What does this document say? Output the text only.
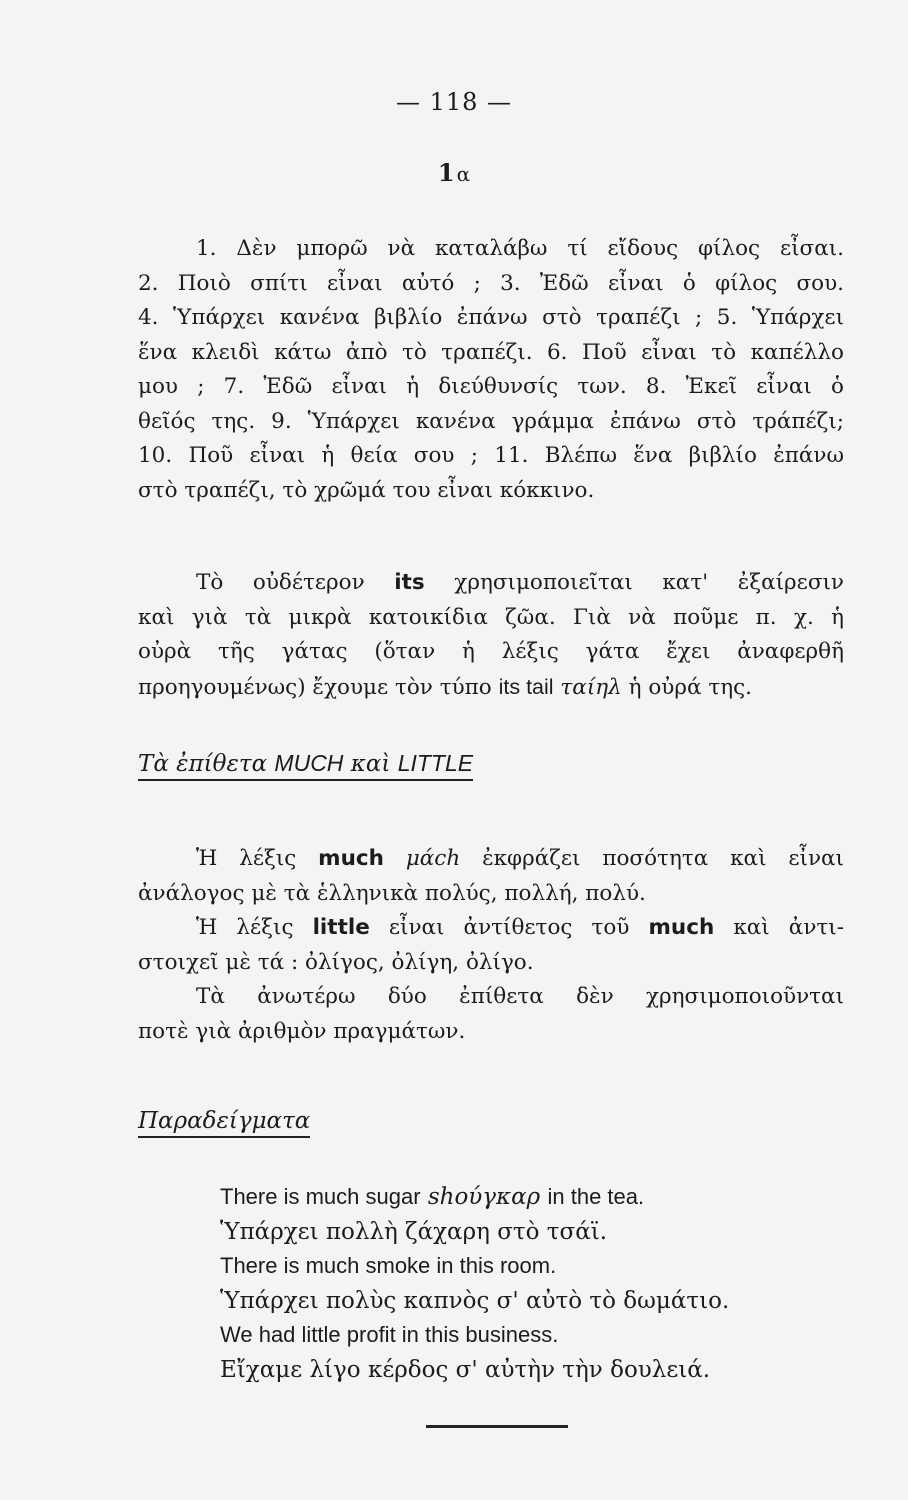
— 118 —
1 α
1. Δὲν μπορῶ νὰ καταλάβω τί εἴδους φίλος εἶσαι.
2. Ποιὸ σπίτι εἶναι αὐτό ; 3. Ἐδῶ εἶναι ὁ φίλος σου.
4. Ὑπάρχει κανένα βιβλίο ἐπάνω στὸ τραπέζι ; 5. Ὑπάρχει
ἕνα κλειδὶ κάτω ἀπὸ τὸ τραπέζι. 6. Ποῦ εἶναι τὸ καπέλλο
μου ; 7. Ἐδῶ εἶναι ἡ διεύθυνσίς των. 8. Ἐκεῖ εἶναι ὁ
θεῖός της. 9. Ὑπάρχει κανένα γράμμα ἐπάνω στὸ τράπέζι;
10. Ποῦ εἶναι ἡ θεία σου ; 11. Βλέπω ἕνα βιβλίο ἐπάνω
στὸ τραπέζι, τὸ χρῶμά του εἶναι κόκκινο.
Τὸ οὐδέτερον its χρησιμοποιεῖται κατ' ἐξαίρεσιν
καὶ γιὰ τὰ μικρὰ κατοικίδια ζῶα. Γιὰ νὰ ποῦμε π. χ. ἡ
οὐρὰ τῆς γάτας (ὅταν ἡ λέξις γάτα ἔχει ἀναφερθῆ
προηγουμένως) ἔχουμε τὸν τύπο its tail ταίηλ ἡ οὐρά της.
Τὰ ἐπίθετα MUCH καὶ LITTLE
Ἡ λέξις much μάch ἐκφράζει ποσότητα καὶ εἶναι
ἀνάλογος μὲ τὰ ἑλληνικὰ πολύς, πολλή, πολύ.
Ἡ λέξις little εἶναι ἀντίθετος τοῦ much καὶ ἀντι-
στοιχεῖ μὲ τά : ὀλίγος, ὀλίγη, ὀλίγο.
Τὰ ἀνωτέρω δύο ἐπίθετα δὲν χρησιμοποιοῦνται
ποτὲ γιὰ ἀριθμὸν πραγμάτων.
Παραδείγματα
There is much sugar shούγκαρ in the tea.
Ὑπάρχει πολλὴ ζάχαρη στὸ τσάϊ.
There is much smoke in this room.
Ὑπάρχει πολὺς καπνὸς σ' αὐτὸ τὸ δωμάτιο.
We had little profit in this business.
Εἴχαμε λίγο κέρδος σ' αὐτὴν τὴν δουλειά.
